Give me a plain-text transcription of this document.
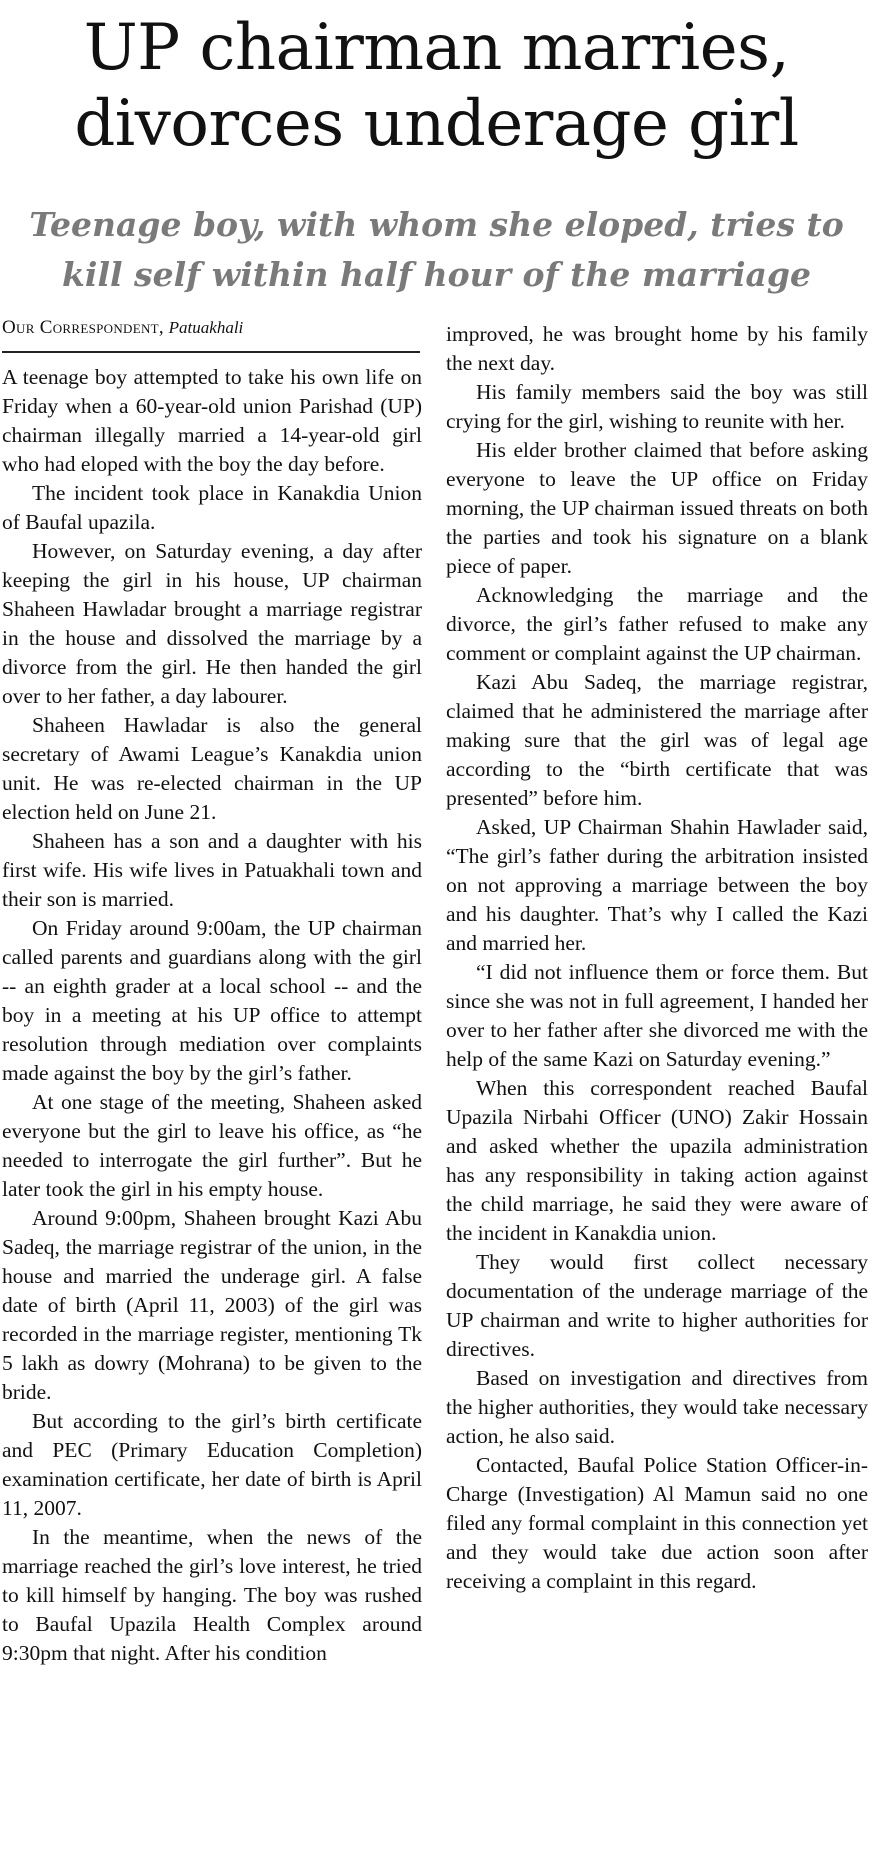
UP chairman marries,
divorces underage girl
Teenage boy, with whom she eloped, tries to
kill self within half hour of the marriage
Our Correspondent, Patuakhali

A teenage boy attempted to take his own life on Friday when a 60-year-old union Parishad (UP) chairman illegally married a 14-year-old girl who had eloped with the boy the day before.

The incident took place in Kanakdia Union of Baufal upazila.

However, on Saturday evening, a day after keeping the girl in his house, UP chairman Shaheen Hawladar brought a marriage registrar in the house and dissolved the marriage by a divorce from the girl. He then handed the girl over to her father, a day labourer.

Shaheen Hawladar is also the general secretary of Awami League’s Kanakdia union unit. He was re-elected chairman in the UP election held on June 21.

Shaheen has a son and a daughter with his first wife. His wife lives in Patuakhali town and their son is married.

On Friday around 9:00am, the UP chairman called parents and guardians along with the girl -- an eighth grader at a local school -- and the boy in a meeting at his UP office to attempt resolution through mediation over complaints made against the boy by the girl’s father.

At one stage of the meeting, Shaheen asked everyone but the girl to leave his office, as “he needed to interrogate the girl further”. But he later took the girl in his empty house.

Around 9:00pm, Shaheen brought Kazi Abu Sadeq, the marriage registrar of the union, in the house and married the underage girl. A false date of birth (April 11, 2003) of the girl was recorded in the marriage register, mentioning Tk 5 lakh as dowry (Mohrana) to be given to the bride.

But according to the girl’s birth certificate and PEC (Primary Education Completion) examination certificate, her date of birth is April 11, 2007.

In the meantime, when the news of the marriage reached the girl’s love interest, he tried to kill himself by hanging. The boy was rushed to Baufal Upazila Health Complex around 9:30pm that night. After his condition

improved, he was brought home by his family the next day.

His family members said the boy was still crying for the girl, wishing to reunite with her.

His elder brother claimed that before asking everyone to leave the UP office on Friday morning, the UP chairman issued threats on both the parties and took his signature on a blank piece of paper.

Acknowledging the marriage and the divorce, the girl’s father refused to make any comment or complaint against the UP chairman.

Kazi Abu Sadeq, the marriage registrar, claimed that he administered the marriage after making sure that the girl was of legal age according to the “birth certificate that was presented” before him.

Asked, UP Chairman Shahin Hawlader said, “The girl’s father during the arbitration insisted on not approving a marriage between the boy and his daughter. That’s why I called the Kazi and married her.

“I did not influence them or force them. But since she was not in full agreement, I handed her over to her father after she divorced me with the help of the same Kazi on Saturday evening.”

When this correspondent reached Baufal Upazila Nirbahi Officer (UNO) Zakir Hossain and asked whether the upazila administration has any responsibility in taking action against the child marriage, he said they were aware of the incident in Kanakdia union.

They would first collect necessary documentation of the underage marriage of the UP chairman and write to higher authorities for directives.

Based on investigation and directives from the higher authorities, they would take necessary action, he also said.

Contacted, Baufal Police Station Officer-in-Charge (Investigation) Al Mamun said no one filed any formal complaint in this connection yet and they would take due action soon after receiving a complaint in this regard.
